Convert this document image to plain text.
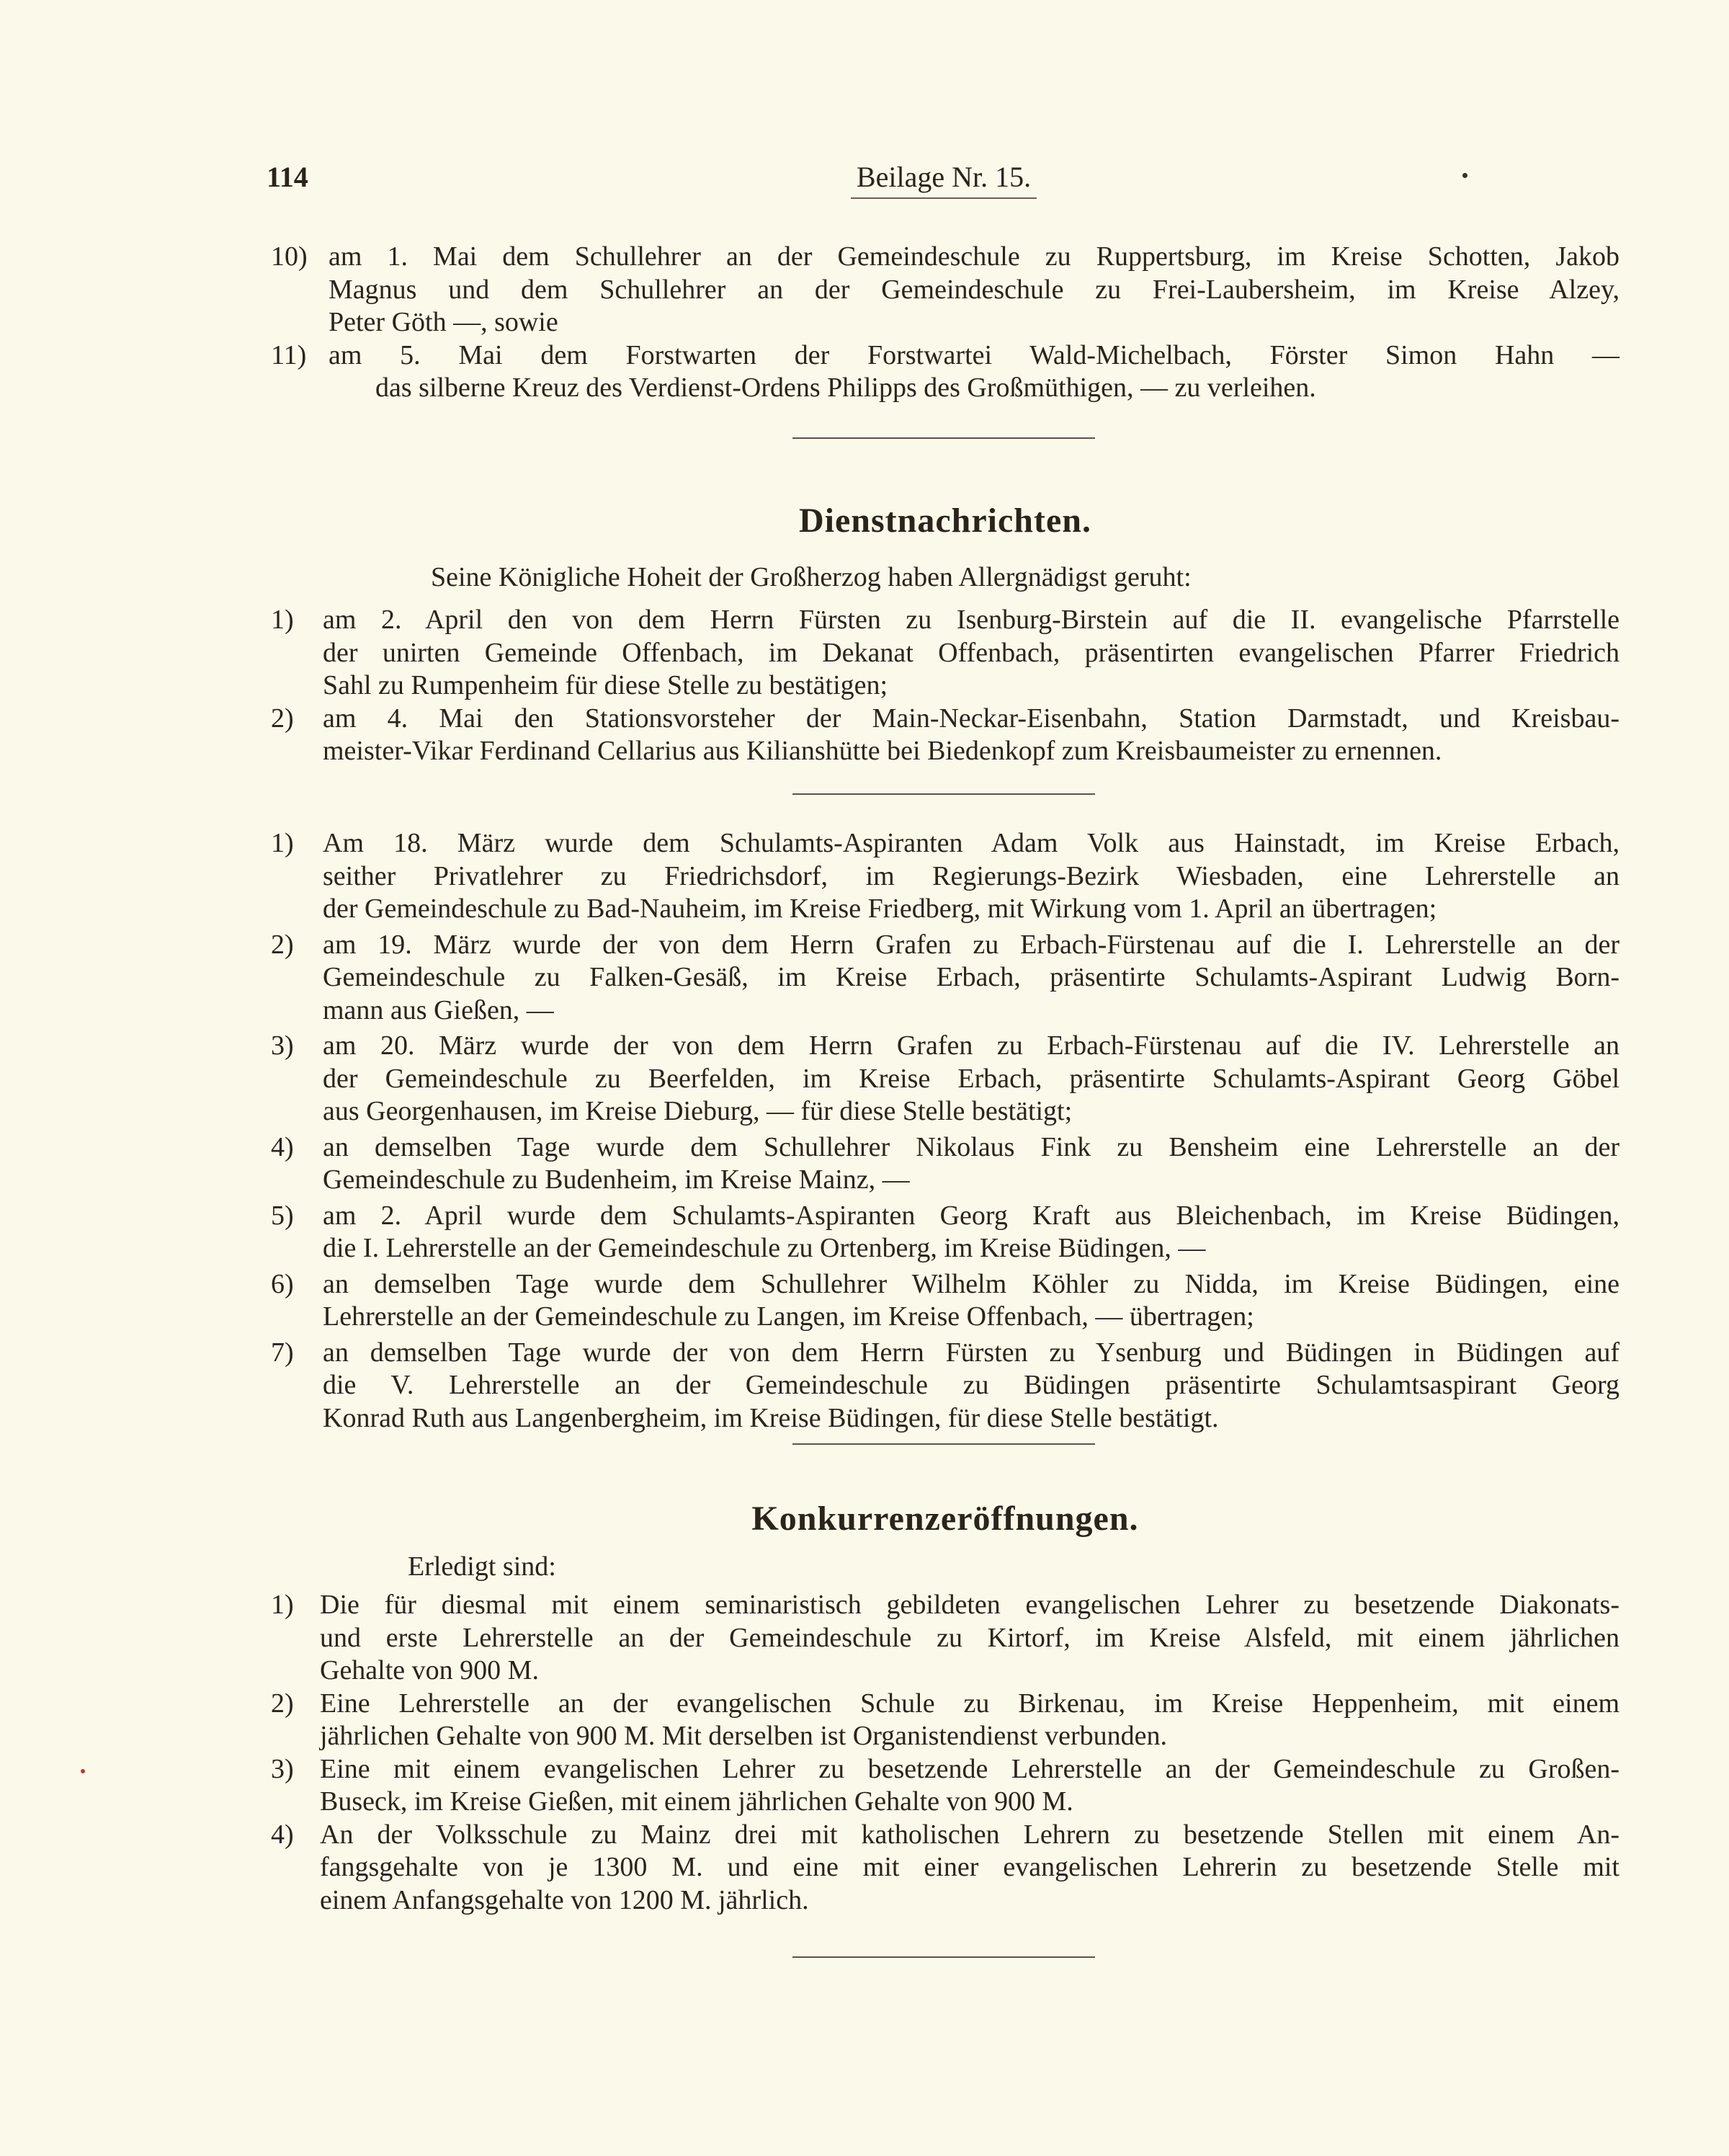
114	Beilage Nr. 15.
10) am 1. Mai dem Schullehrer an der Gemeindeschule zu Ruppertsburg, im Kreise Schotten, Jakob
Magnus und dem Schullehrer an der Gemeindeschule zu Frei-Laubersheim, im Kreise Alzey,
Peter Göth —, sowie
11) am 5. Mai dem Forstwarten der Forstwartei Wald-Michelbach, Förster Simon Hahn —
das silberne Kreuz des Verdienst-Ordens Philipps des Großmüthigen, — zu verleihen.
Dienstnachrichten.
Seine Königliche Hoheit der Großherzog haben Allergnädigst geruht:
1) am 2. April den von dem Herrn Fürsten zu Isenburg-Birstein auf die II. evangelische Pfarrstelle
der unirten Gemeinde Offenbach, im Dekanat Offenbach, präsentirten evangelischen Pfarrer Friedrich
Sahl zu Rumpenheim für diese Stelle zu bestätigen;
2) am 4. Mai den Stationsvorsteher der Main-Neckar-Eisenbahn, Station Darmstadt, und Kreisbau-
meister-Vikar Ferdinand Cellarius aus Kilianshütte bei Biedenkopf zum Kreisbaumeister zu ernennen.
1) Am 18. März wurde dem Schulamts-Aspiranten Adam Volk aus Hainstadt, im Kreise Erbach,
seither Privatlehrer zu Friedrichsdorf, im Regierungs-Bezirk Wiesbaden, eine Lehrerstelle an
der Gemeindeschule zu Bad-Nauheim, im Kreise Friedberg, mit Wirkung vom 1. April an übertragen;
2) am 19. März wurde der von dem Herrn Grafen zu Erbach-Fürstenau auf die I. Lehrerstelle an der
Gemeindeschule zu Falken-Gesäß, im Kreise Erbach, präsentirte Schulamts-Aspirant Ludwig Born-
mann aus Gießen, —
3) am 20. März wurde der von dem Herrn Grafen zu Erbach-Fürstenau auf die IV. Lehrerstelle an
der Gemeindeschule zu Beerfelden, im Kreise Erbach, präsentirte Schulamts-Aspirant Georg Göbel
aus Georgenhausen, im Kreise Dieburg, — für diese Stelle bestätigt;
4) an demselben Tage wurde dem Schullehrer Nikolaus Fink zu Bensheim eine Lehrerstelle an der
Gemeindeschule zu Budenheim, im Kreise Mainz, —
5) am 2. April wurde dem Schulamts-Aspiranten Georg Kraft aus Bleichenbach, im Kreise Büdingen,
die I. Lehrerstelle an der Gemeindeschule zu Ortenberg, im Kreise Büdingen, —
6) an demselben Tage wurde dem Schullehrer Wilhelm Köhler zu Nidda, im Kreise Büdingen, eine
Lehrerstelle an der Gemeindeschule zu Langen, im Kreise Offenbach, — übertragen;
7) an demselben Tage wurde der von dem Herrn Fürsten zu Ysenburg und Büdingen in Büdingen auf
die V. Lehrerstelle an der Gemeindeschule zu Büdingen präsentirte Schulamtsaspirant Georg
Konrad Ruth aus Langenbergheim, im Kreise Büdingen, für diese Stelle bestätigt.
Konkurrenzeröffnungen.
Erledigt sind:
1) Die für diesmal mit einem seminaristisch gebildeten evangelischen Lehrer zu besetzende Diakonats-
und erste Lehrerstelle an der Gemeindeschule zu Kirtorf, im Kreise Alsfeld, mit einem jährlichen
Gehalte von 900 M.
2) Eine Lehrerstelle an der evangelischen Schule zu Birkenau, im Kreise Heppenheim, mit einem
jährlichen Gehalte von 900 M. Mit derselben ist Organistendienst verbunden.
3) Eine mit einem evangelischen Lehrer zu besetzende Lehrerstelle an der Gemeindeschule zu Großen-
Buseck, im Kreise Gießen, mit einem jährlichen Gehalte von 900 M.
4) An der Volksschule zu Mainz drei mit katholischen Lehrern zu besetzende Stellen mit einem An-
fangsgehalte von je 1300 M. und eine mit einer evangelischen Lehrerin zu besetzende Stelle mit
einem Anfangsgehalte von 1200 M. jährlich.
